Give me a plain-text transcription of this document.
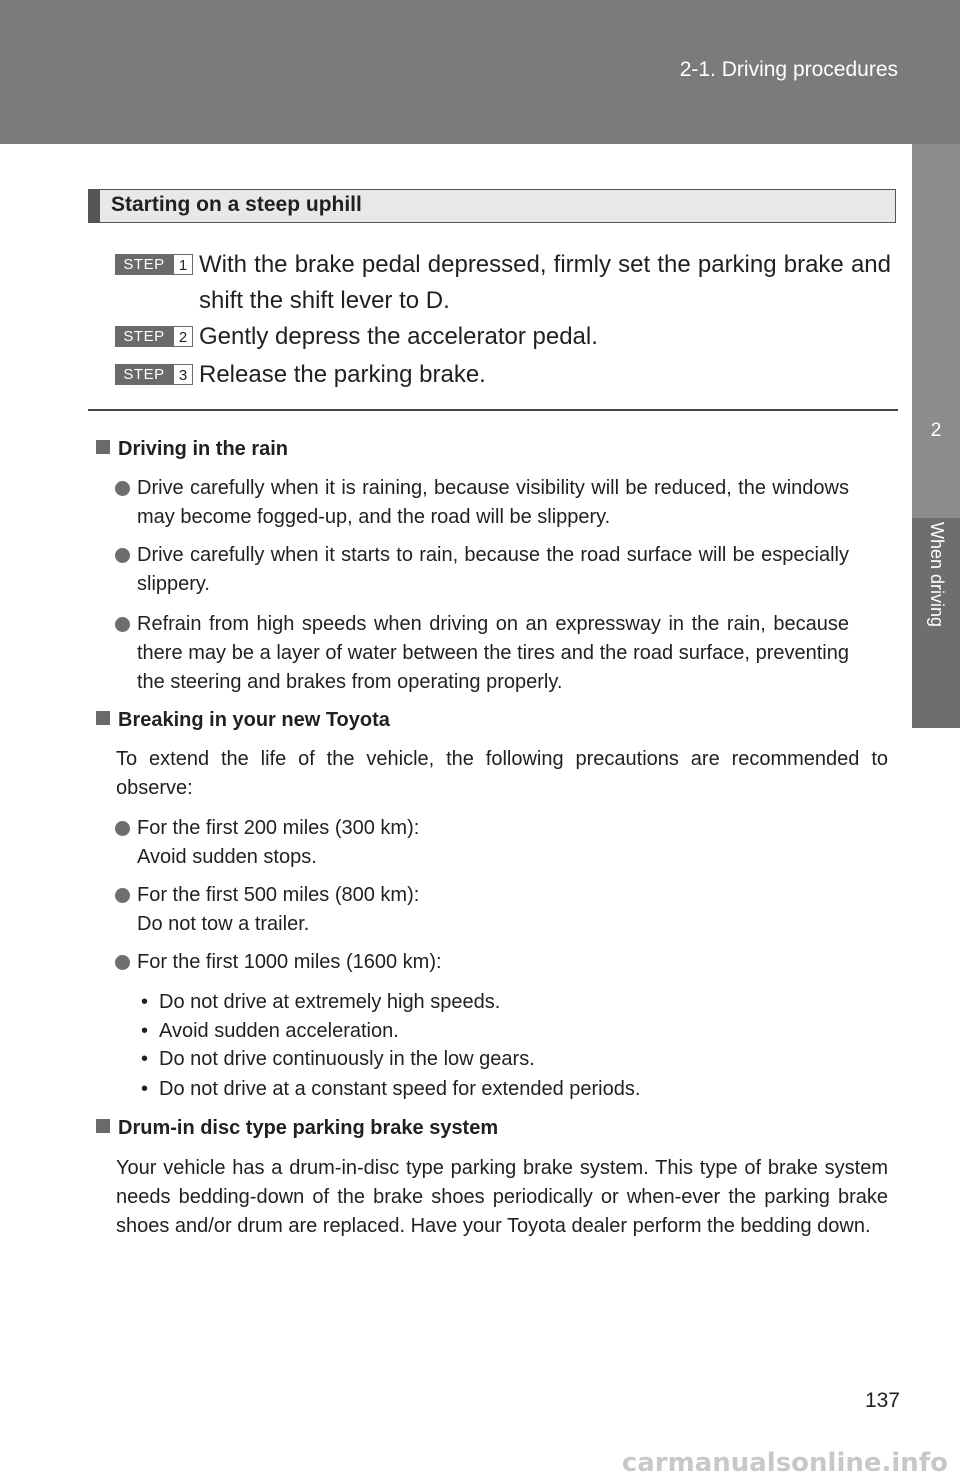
2-1. Driving procedures
2
When driving
Starting on a steep uphill
STEP 1 With the brake pedal depressed, firmly set the parking brake and shift the shift lever to D.
STEP 2 Gently depress the accelerator pedal.
STEP 3 Release the parking brake.
Driving in the rain
Drive carefully when it is raining, because visibility will be reduced, the windows may become fogged-up, and the road will be slippery.
Drive carefully when it starts to rain, because the road surface will be especially slippery.
Refrain from high speeds when driving on an expressway in the rain, because there may be a layer of water between the tires and the road surface, preventing the steering and brakes from operating properly.
Breaking in your new Toyota
To extend the life of the vehicle, the following precautions are recommended to observe:
For the first 200 miles (300 km):
Avoid sudden stops.
For the first 500 miles (800 km):
Do not tow a trailer.
For the first 1000 miles (1600 km):
• Do not drive at extremely high speeds.
• Avoid sudden acceleration.
• Do not drive continuously in the low gears.
• Do not drive at a constant speed for extended periods.
Drum-in disc type parking brake system
Your vehicle has a drum-in-disc type parking brake system. This type of brake system needs bedding-down of the brake shoes periodically or when-ever the parking brake shoes and/or drum are replaced. Have your Toyota dealer perform the bedding down.
137
carmanualsonline.info
